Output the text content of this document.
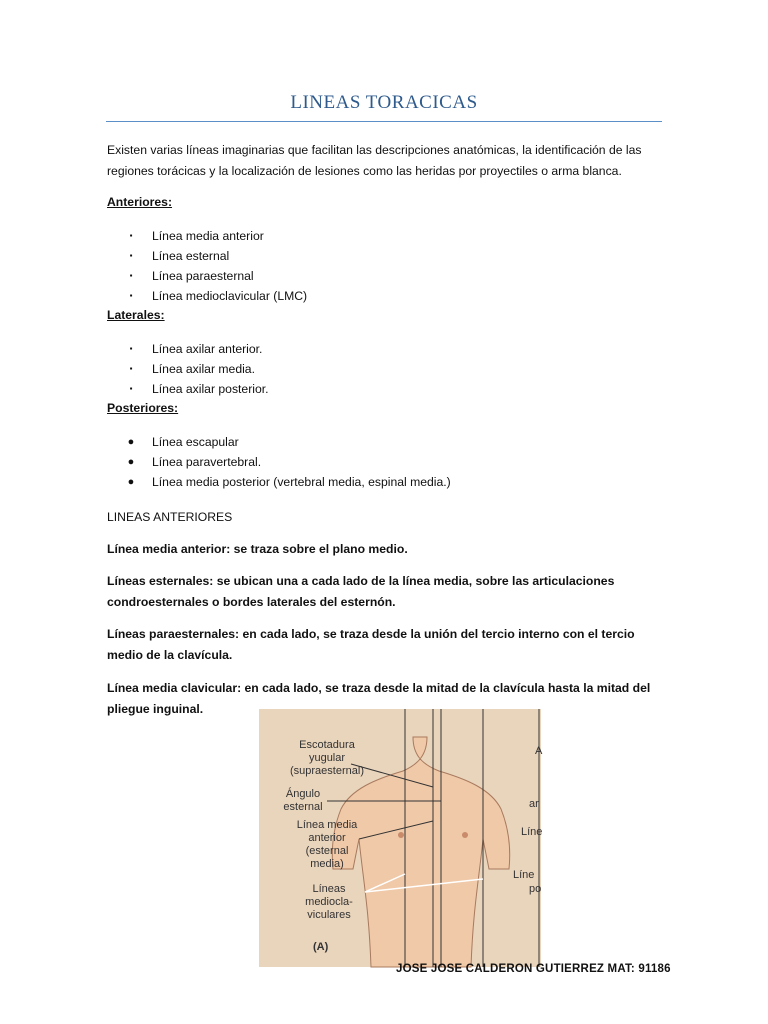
LINEAS TORACICAS
Existen varias líneas imaginarias que facilitan las descripciones anatómicas, la identificación de las regiones torácicas y la localización de lesiones como las heridas por proyectiles o arma blanca.
Anteriores:
▪ Línea media anterior
▪ Línea esternal
▪ Línea paraesternal
▪ Línea medioclavicular (LMC)
Laterales:
▪ Línea axilar anterior.
▪ Línea axilar media.
▪ Línea axilar posterior.
Posteriores:
● Línea escapular
● Línea paravertebral.
● Línea media posterior (vertebral media, espinal media.)
LINEAS ANTERIORES
Línea media anterior: se traza sobre el plano medio.
Líneas esternales: se ubican una a cada lado de la línea media, sobre las articulaciones condroesternales o bordes laterales del esternón.
Líneas paraesternales: en cada lado, se traza desde la unión del tercio interno con el tercio medio de la clavícula.
Línea media clavicular: en cada lado, se traza desde la mitad de la clavícula hasta la mitad del pliegue inguinal.
Escotadura
yugular
(supraesternal)
Ángulo
esternal
Línea media
anterior
(esternal
media)
Líneas
medioclа-
viculares
(A)
A
ar
Líne
Líne
po
JOSE JOSE CALDERON GUTIERREZ MAT: 91186
